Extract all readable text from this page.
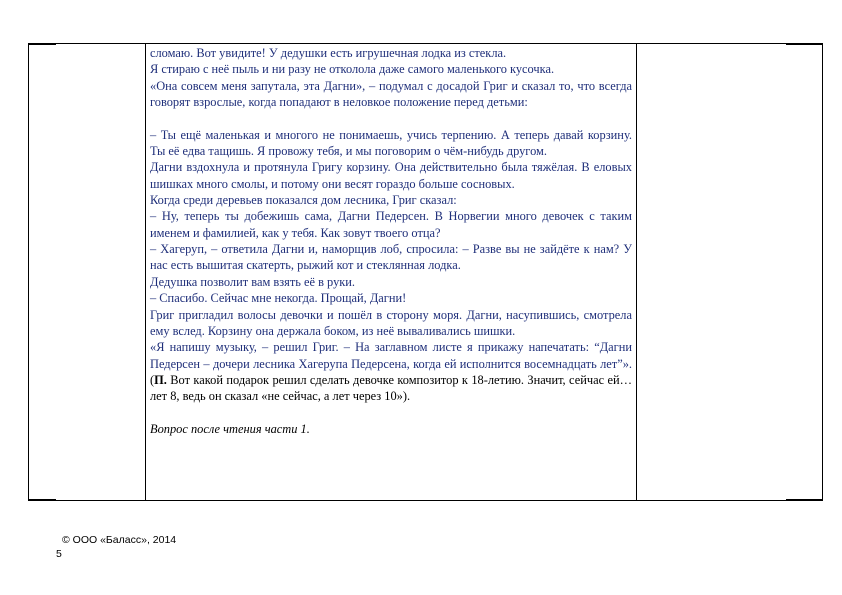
сломаю. Вот увидите! У дедушки есть игрушечная лодка из стекла.

Я стираю с неё пыль и ни разу не отколола даже самого маленького кусочка.

«Она совсем меня запутала, эта Дагни», – подумал с досадой Григ и сказал то, что всегда говорят взрослые, когда попадают в неловкое положение перед детьми:

– Ты ещё маленькая и многого не понимаешь, учись терпению. А теперь давай корзину. Ты её едва тащишь. Я провожу тебя, и мы поговорим о чём-нибудь другом.

Дагни вздохнула и протянула Григу корзину. Она действительно была тяжёлая. В еловых шишках много смолы, и потому они весят гораздо больше сосновых.

Когда среди деревьев показался дом лесника, Григ сказал:

– Ну, теперь ты добежишь сама, Дагни Педерсен. В Норвегии много девочек с таким именем и фамилией, как у тебя. Как зовут твоего отца?

– Хагеруп, – ответила Дагни и, наморщив лоб, спросила: – Разве вы не зайдёте к нам? У нас есть вышитая скатерть, рыжий кот и стеклянная лодка.

Дедушка позволит вам взять её в руки.

– Спасибо. Сейчас мне некогда. Прощай, Дагни!

Григ пригладил волосы девочки и пошёл в сторону моря. Дагни, насупившись, смотрела ему вслед. Корзину она держала боком, из неё вываливались шишки.

«Я напишу музыку, – решил Григ. – На заглавном листе я прикажу напечатать: “Дагни Педерсен – дочери лесника Хагерупа Педерсена, когда ей исполнится восемнадцать лет”». (П. Вот какой подарок решил сделать девочке композитор к 18-летию. Значит, сейчас ей… лет 8, ведь он сказал «не сейчас, а лет через 10»).

Вопрос после чтения части 1.

© ООО «Баласс», 2014
5
